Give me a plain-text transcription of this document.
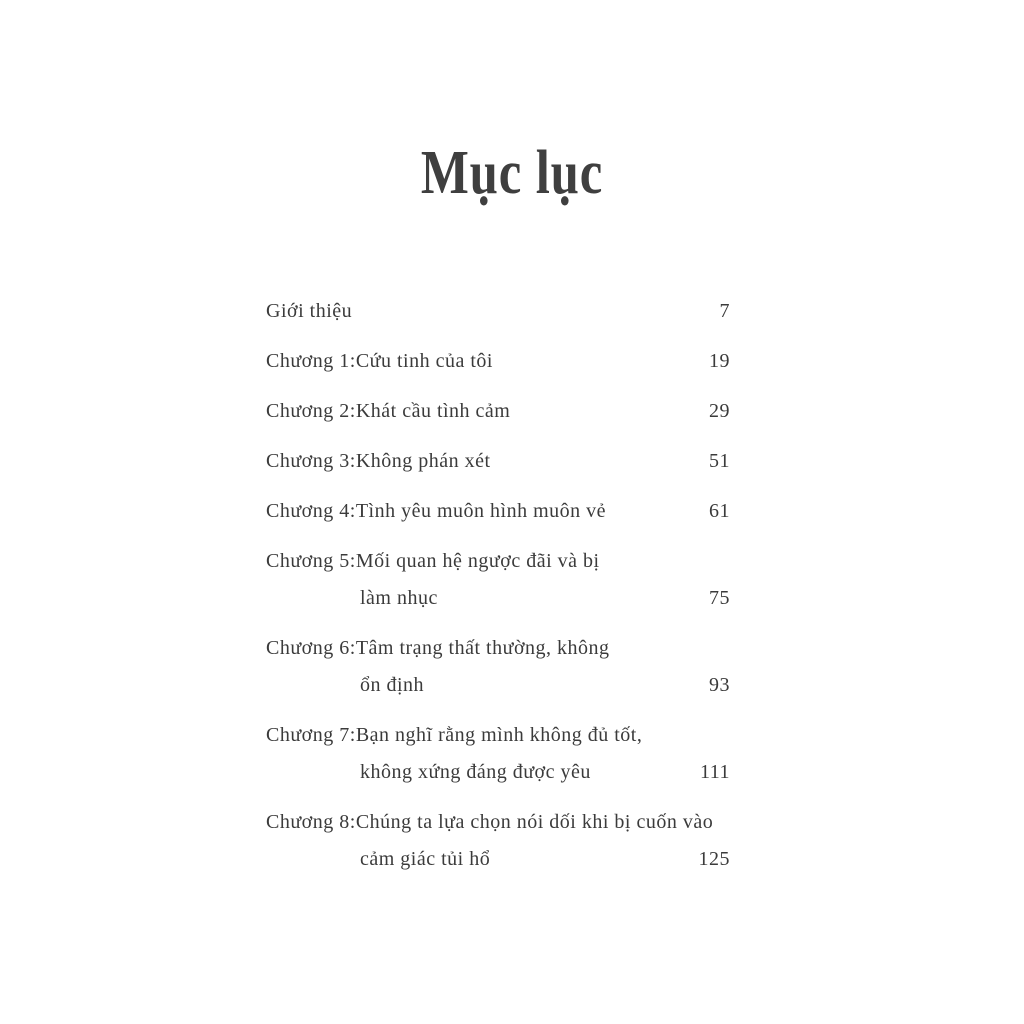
Mục lục
Giới thiệu	7
Chương 1: Cứu tinh của tôi	19
Chương 2: Khát cầu tình cảm	29
Chương 3: Không phán xét	51
Chương 4: Tình yêu muôn hình muôn vẻ	61
Chương 5: Mối quan hệ ngược đãi và bị
làm nhục	75
Chương 6: Tâm trạng thất thường, không
ổn định	93
Chương 7: Bạn nghĩ rằng mình không đủ tốt,
không xứng đáng được yêu	111
Chương 8: Chúng ta lựa chọn nói dối khi bị cuốn vào
cảm giác tủi hổ	125
